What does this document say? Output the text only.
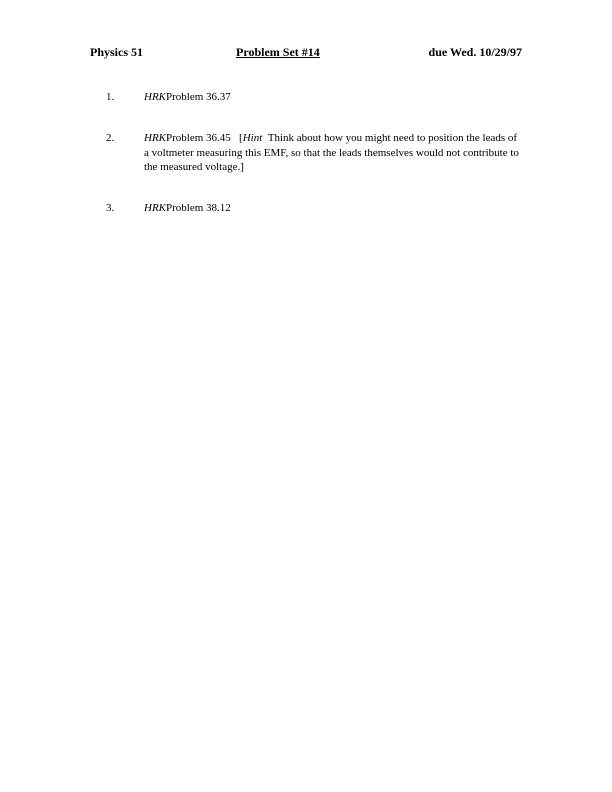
Physics 51	Problem Set #14	due Wed. 10/29/97
1.	HRKProblem 36.37
2.	HRKProblem 36.45 [Hint Think about how you might need to position the leads of a voltmeter measuring this EMF, so that the leads themselves would not contribute to the measured voltage.]
3.	HRKProblem 38.12
